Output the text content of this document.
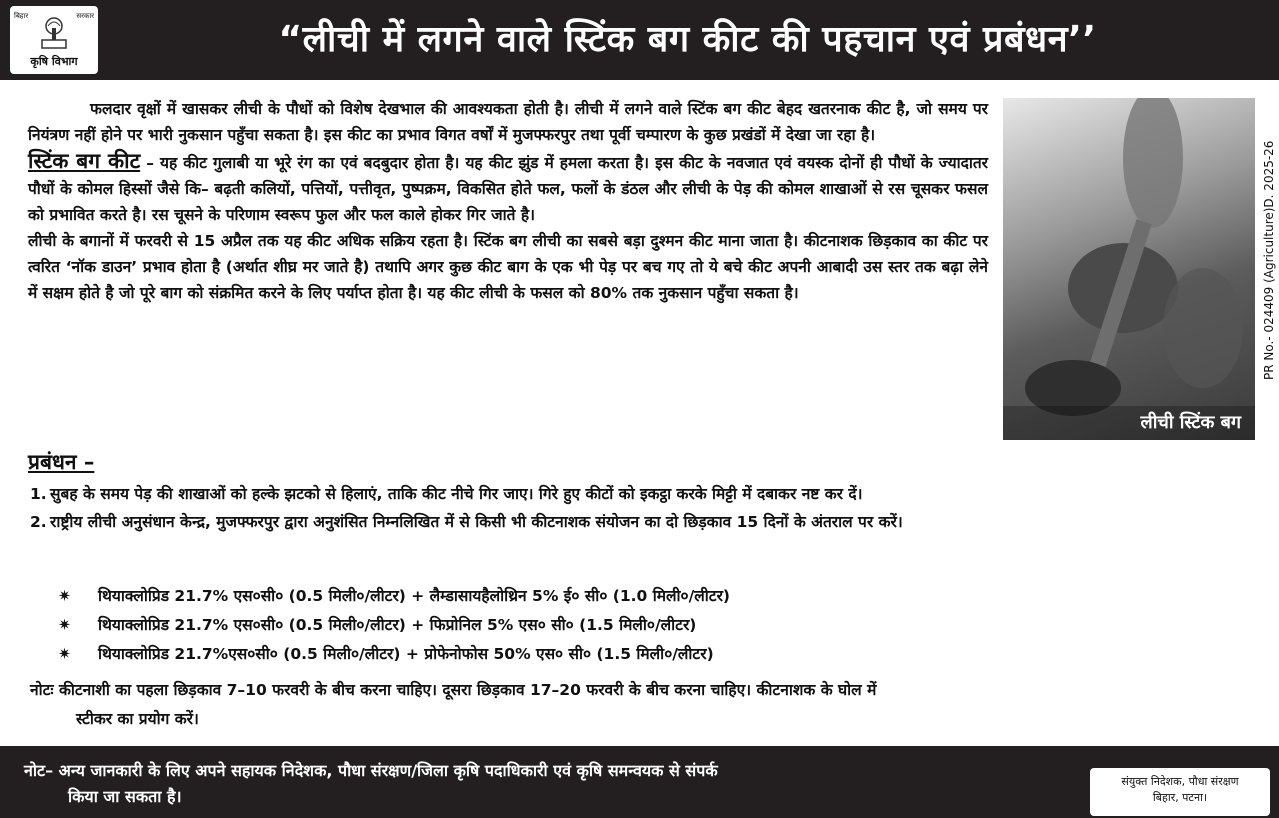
बिहार	सरकार
कृषि विभाग
“लीची में लगने वाले स्टिंक बग कीट की पहचान एवं प्रबंधन’’

फलदार वृक्षों में खासकर लीची के पौधों को विशेष देखभाल की आवश्यकता होती है। लीची में लगने वाले स्टिंक बग कीट बेहद खतरनाक कीट है, जो समय पर नियंत्रण नहीं होने पर भारी नुकसान पहुँचा सकता है। इस कीट का प्रभाव विगत वर्षों में मुजफ्फरपुर तथा पूर्वी चम्पारण के कुछ प्रखंडों में देखा जा रहा है।

स्टिंक बग कीट – यह कीट गुलाबी या भूरे रंग का एवं बदबुदार होता है। यह कीट झुंड में हमला करता है। इस कीट के नवजात एवं वयस्क दोनों ही पौधों के ज्यादातर पौधों के कोमल हिस्सों जैसे कि– बढ़ती कलियों, पत्तियों, पत्तीवृत, पुष्पक्रम, विकसित होते फल, फलों के डंठल और लीची के पेड़ की कोमल शाखाओं से रस चूसकर फसल को प्रभावित करते है। रस चूसने के परिणाम स्वरूप फुल और फल काले होकर गिर जाते है।

लीची के बगानों में फरवरी से 15 अप्रैल तक यह कीट अधिक सक्रिय रहता है। स्टिंक बग लीची का सबसे बड़ा दुश्मन कीट माना जाता है। कीटनाशक छिड़काव का कीट पर त्वरित ‘नॉक डाउन’ प्रभाव होता है (अर्थात शीघ्र मर जाते है) तथापि अगर कुछ कीट बाग के एक भी पेड़ पर बच गए तो ये बचे कीट अपनी आबादी उस स्तर तक बढ़ा लेने में सक्षम होते है जो पूरे बाग को संक्रमित करने के लिए पर्याप्त होता है। यह कीट लीची के फसल को 80% तक नुकसान पहुँचा सकता है।

लीची स्टिंक बग
PR No.- 024409 (Agriculture)D. 2025-26
प्रबंधन –
1. सुबह के समय पेड़ की शाखाओं को हल्के झटको से हिलाएं, ताकि कीट नीचे गिर जाए। गिरे हुए कीटों को इकट्ठा करके मिट्टी में दबाकर नष्ट कर दें।
2. राष्ट्रीय लीची अनुसंधान केन्द्र, मुजफ्फरपुर द्वारा अनुशंसित निम्नलिखित में से किसी भी कीटनाशक संयोजन का दो छिड़काव 15 दिनों के अंतराल पर करें।
✷	थियाक्लोप्रिड 21.7% एस०सी० (0.5 मिली०/लीटर) + लैम्डासायहैलोथ्रिन 5% ई० सी० (1.0 मिली०/लीटर)
✷	थियाक्लोप्रिड 21.7% एस०सी० (0.5 मिली०/लीटर) + फिप्रोनिल 5% एस० सी० (1.5 मिली०/लीटर)
✷	थियाक्लोप्रिड 21.7%एस०सी० (0.5 मिली०/लीटर) + प्रोफेनोफोस 50% एस० सी० (1.5 मिली०/लीटर)
नोटः कीटनाशी का पहला छिड़काव 7–10 फरवरी के बीच करना चाहिए। दूसरा छिड़काव 17–20 फरवरी के बीच करना चाहिए। कीटनाशक के घोल में
स्टीकर का प्रयोग करें।
नोट– अन्य जानकारी के लिए अपने सहायक निदेशक, पौधा संरक्षण/जिला कृषि पदाधिकारी एवं कृषि समन्वयक से संपर्क
किया जा सकता है।
संयुक्त निदेशक, पौधा संरक्षण
बिहार, पटना।
